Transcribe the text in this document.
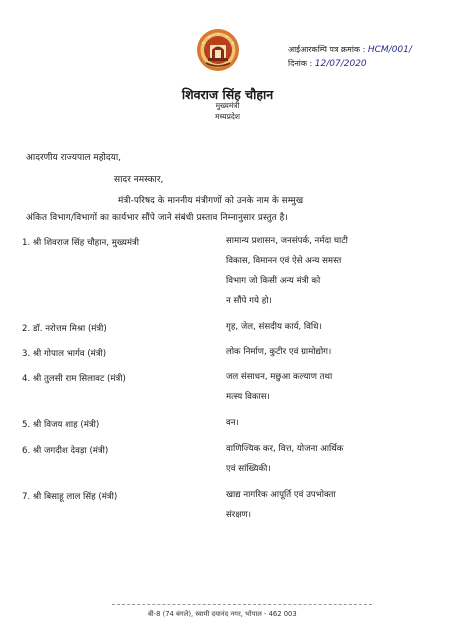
आईआरकम्पि पत्र क्रमांक : HCM/001/
दिनांक : 12/07/2020
शिवराज सिंह चौहान
मुख्यमंत्री
मध्यप्रदेश
आदरणीय राज्यपाल महोदया,
सादर नमस्कार,
मंत्री-परिषद के माननीय मंत्रीगणों को उनके नाम के सम्मुख
अंकित विभाग/विभागों का कार्यभार सौंपे जाने संबंधी प्रस्ताव निम्नानुसार प्रस्तुत है।
1. श्री शिवराज सिंह चौहान, मुख्यमंत्री	सामान्य प्रशासन, जनसंपर्क, नर्मदा घाटी
विकास, विमानन एवं ऐसे अन्य समस्त
विभाग जो किसी अन्य मंत्री को
न सौंपे गये हो।
2. डॉ. नरोत्तम मिश्रा (मंत्री)	गृह, जेल, संसदीय कार्य, विधि।
3. श्री गोपाल भार्गव (मंत्री)	लोक निर्माण, कुटीर एवं ग्रामोद्योग।
4. श्री तुलसी राम सिलावट (मंत्री)	जल संसाधन, मछुआ कल्याण तथा
मत्स्य विकास।
5. श्री विजय शाह (मंत्री)	वन।
6. श्री जगदीश देवड़ा (मंत्री)	वाणिज्यिक कर, वित्त, योजना आर्थिक
एवं सांख्यिकी।
7. श्री बिसाहू लाल सिंह (मंत्री)	खाद्य नागरिक आपूर्ति एवं उपभोक्ता
संरक्षण।
बी-8 (74 बंगले), स्वामी दयानंद नगर, भोपाल - 462 003
